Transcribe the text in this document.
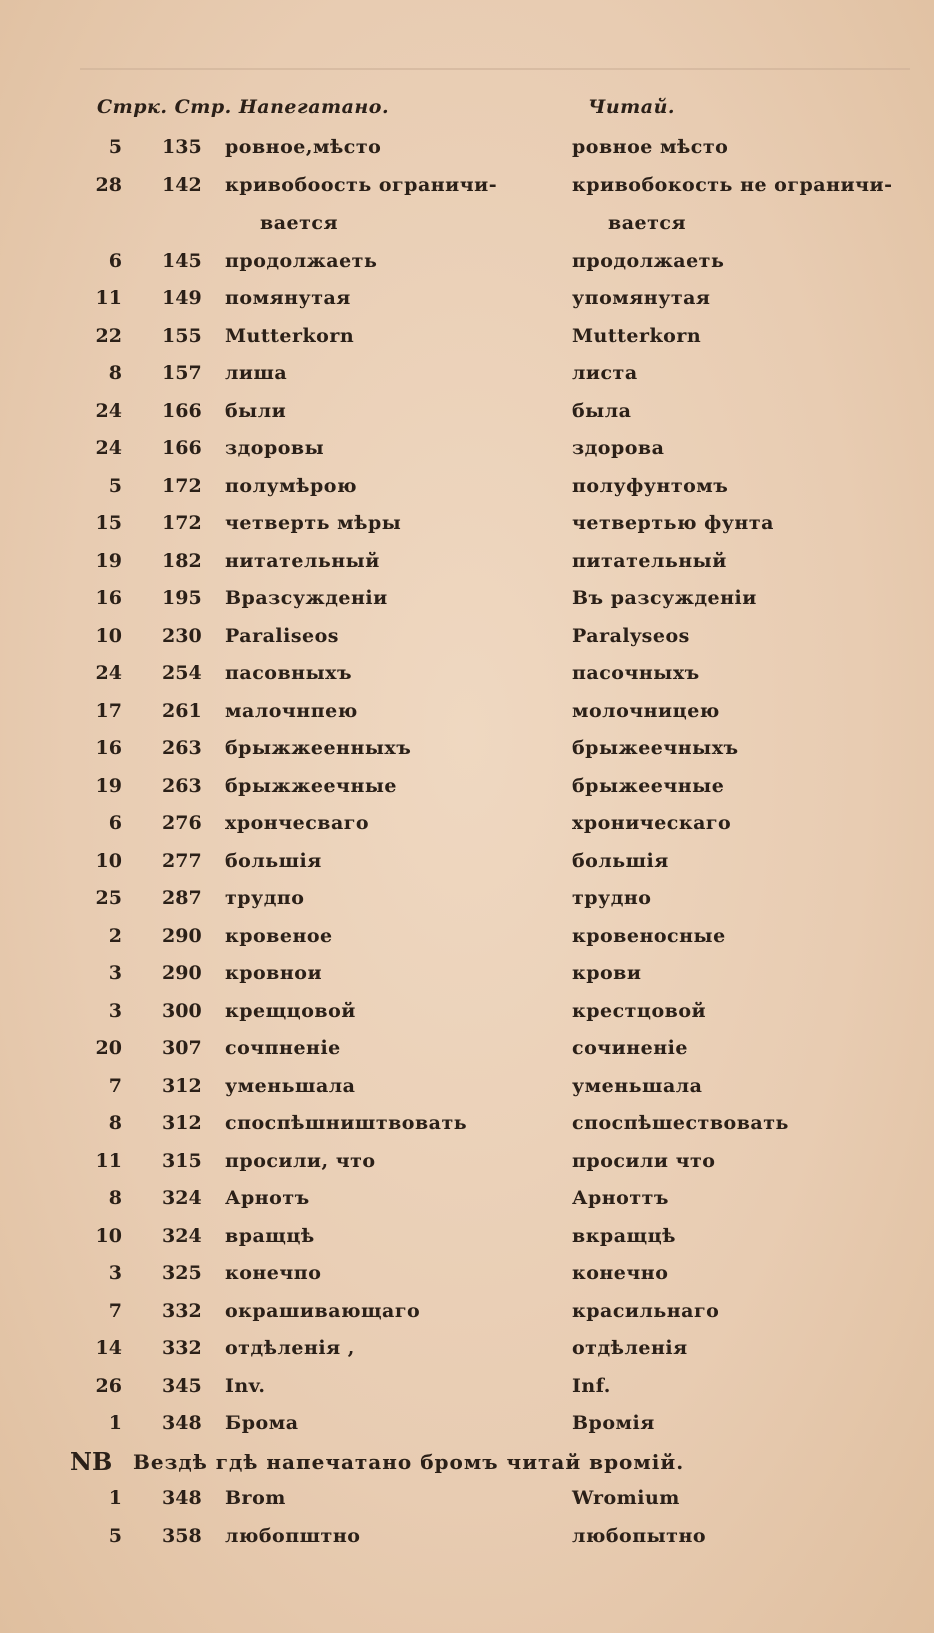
Стрк. Стр. Напегатано.	Читай.
5 135 ровное,мѣсто	ровное мѣсто
28 142 кривобоость ограничи-	кривобокость не ограничи-
вается	вается
6 145 продолжаеть	продолжаеть
11 149 помянутая	упомянутая
22 155 Mutterkorn	Mutterkorn
8 157 лиша	листа
24 166 были	была
24 166 здоровы	здорова
5 172 полумѣрою	полуфунтомъ
15 172 четверть мѣры	четвертью фунта
19 182 нитательный	питательный
16 195 Вразсужденіи	Въ разсужденіи
10 230 Paraliseos	Paralyseos
24 254 пасовныхъ	пасочныхъ
17 261 малочнпею	молочницею
16 263 брыжжеенныхъ	брыжеечныхъ
19 263 брыжжеечные	брыжеечные
6 276 хрончесваго	хроническаго
10 277 большія	большія
25 287 трудпо	трудно
2 290 кровеное	кровеносные
3 290 кровнои	крови
3 300 крещцовой	крестцовой
20 307 сочпненіе	сочиненіе
7 312 уменьшала	уменьшала
8 312 споспѣшништвовать	споспѣшествовать
11 315 просили, что	просили что
8 324 Арнотъ	Арноттъ
10 324 вращцѣ	вкращцѣ
3 325 конечпо	конечно
7 332 окрашивающаго	красильнаго
14 332 отдѣленія ,	отдѣленія
26 345 Inv.	Inf.
1 348 Брома	Вромія
NB Вездѣ гдѣ напечатано бромъ читай вромій.
1 348 Brom	Wromium
5 358 любопштно	любопытно
